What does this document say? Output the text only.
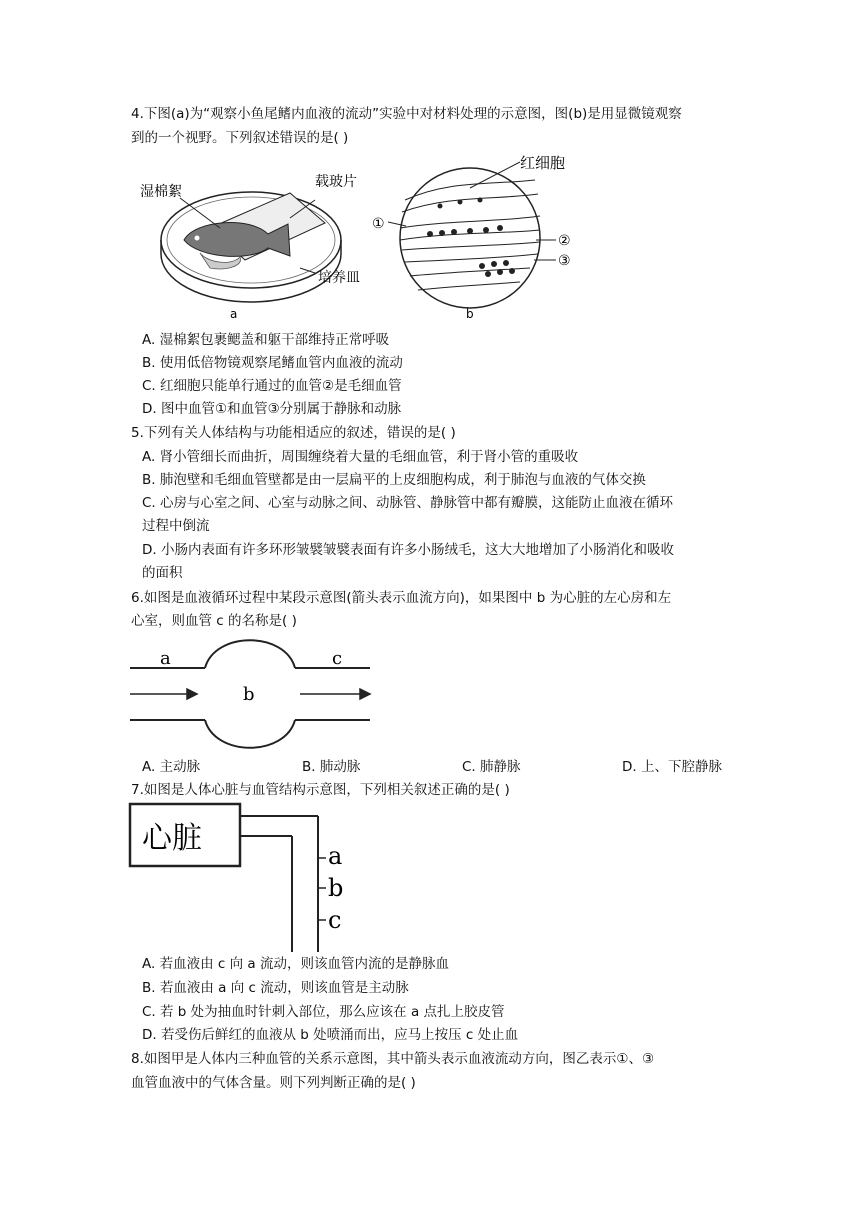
4.下图(a)为“观察小鱼尾鳍内血液的流动”实验中对材料处理的示意图，图(b)是用显微镜观察
到的一个视野。下列叙述错误的是( )
湿棉絮
载玻片
培养皿
a
红细胞
①
②
③
b
A. 湿棉絮包裹鳃盖和躯干部维持正常呼吸
B. 使用低倍物镜观察尾鳍血管内血液的流动
C. 红细胞只能单行通过的血管②是毛细血管
D. 图中血管①和血管③分别属于静脉和动脉
5.下列有关人体结构与功能相适应的叙述，错误的是( )
A. 肾小管细长而曲折，周围缠绕着大量的毛细血管，利于肾小管的重吸收
B. 肺泡壁和毛细血管壁都是由一层扁平的上皮细胞构成，利于肺泡与血液的气体交换
C. 心房与心室之间、心室与动脉之间、动脉管、静脉管中都有瓣膜，这能防止血液在循环
过程中倒流
D. 小肠内表面有许多环形皱襞皱襞表面有许多小肠绒毛，这大大地增加了小肠消化和吸收
的面积
6.如图是血液循环过程中某段示意图(箭头表示血流方向)，如果图中 b 为心脏的左心房和左
心室，则血管 c 的名称是( )
a
b
c
A. 主动脉	B. 肺动脉	C. 肺静脉	D. 上、下腔静脉
7.如图是人体心脏与血管结构示意图，下列相关叙述正确的是( )
心脏	a
b
c
A. 若血液由 c 向 a 流动，则该血管内流的是静脉血
B. 若血液由 a 向 c 流动，则该血管是主动脉
C. 若 b 处为抽血时针刺入部位，那么应该在 a 点扎上胶皮管
D. 若受伤后鲜红的血液从 b 处喷涌而出，应马上按压 c 处止血
8.如图甲是人体内三种血管的关系示意图，其中箭头表示血液流动方向，图乙表示①、③
血管血液中的气体含量。则下列判断正确的是( )
